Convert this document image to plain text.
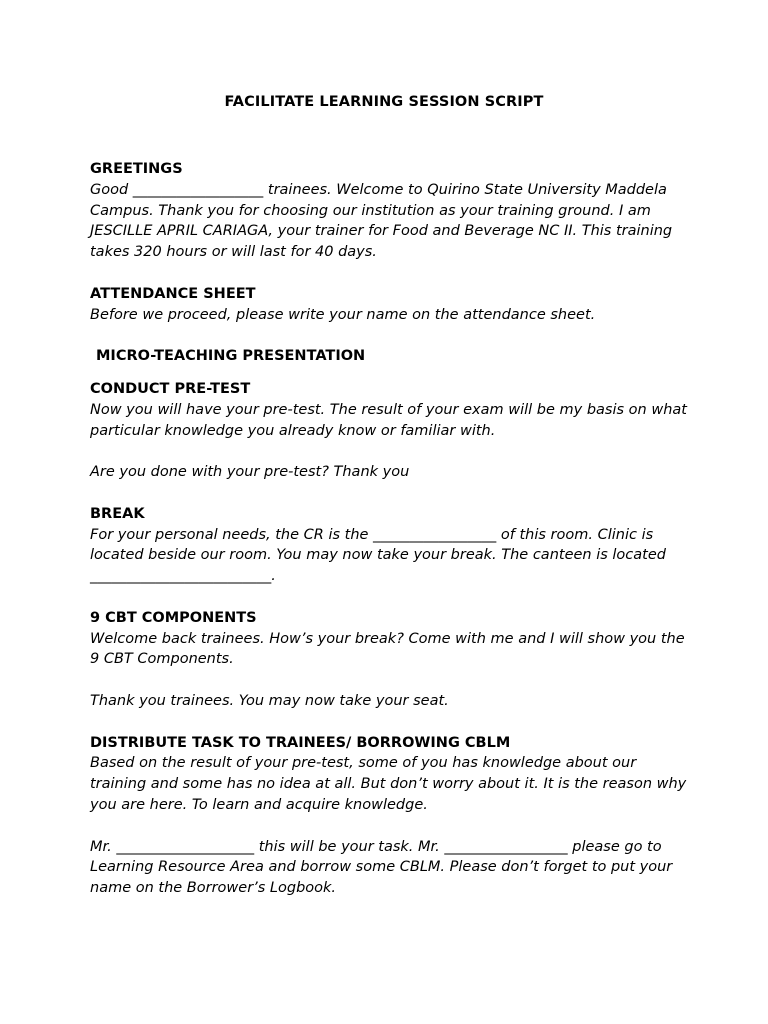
FACILITATE LEARNING SESSION SCRIPT

GREETINGS

Good __________________ trainees. Welcome to Quirino State University Maddela Campus. Thank you for choosing our institution as your training ground. I am JESCILLE APRIL CARIAGA, your trainer for Food and Beverage NC II. This training takes 320 hours or will last for 40 days.

ATTENDANCE SHEET

Before we proceed, please write your name on the attendance sheet.

MICRO-TEACHING PRESENTATION

CONDUCT PRE-TEST

Now you will have your pre-test. The result of your exam will be my basis on what particular knowledge you already know or familiar with.

Are you done with your pre-test? Thank you

BREAK

For your personal needs, the CR is the _________________ of this room. Clinic is located beside our room. You may now take your break. The canteen is located _________________________.

9 CBT COMPONENTS

Welcome back trainees. How’s your break? Come with me and I will show you the 9 CBT Components.

Thank you trainees. You may now take your seat.

DISTRIBUTE TASK TO TRAINEES/ BORROWING CBLM

Based on the result of your pre-test, some of you has knowledge about our training and some has no idea at all. But don’t worry about it. It is the reason why you are here. To learn and acquire knowledge.

Mr. ___________________ this will be your task. Mr. _________________ please go to Learning Resource Area and borrow some CBLM. Please don’t forget to put your name on the Borrower’s Logbook.
